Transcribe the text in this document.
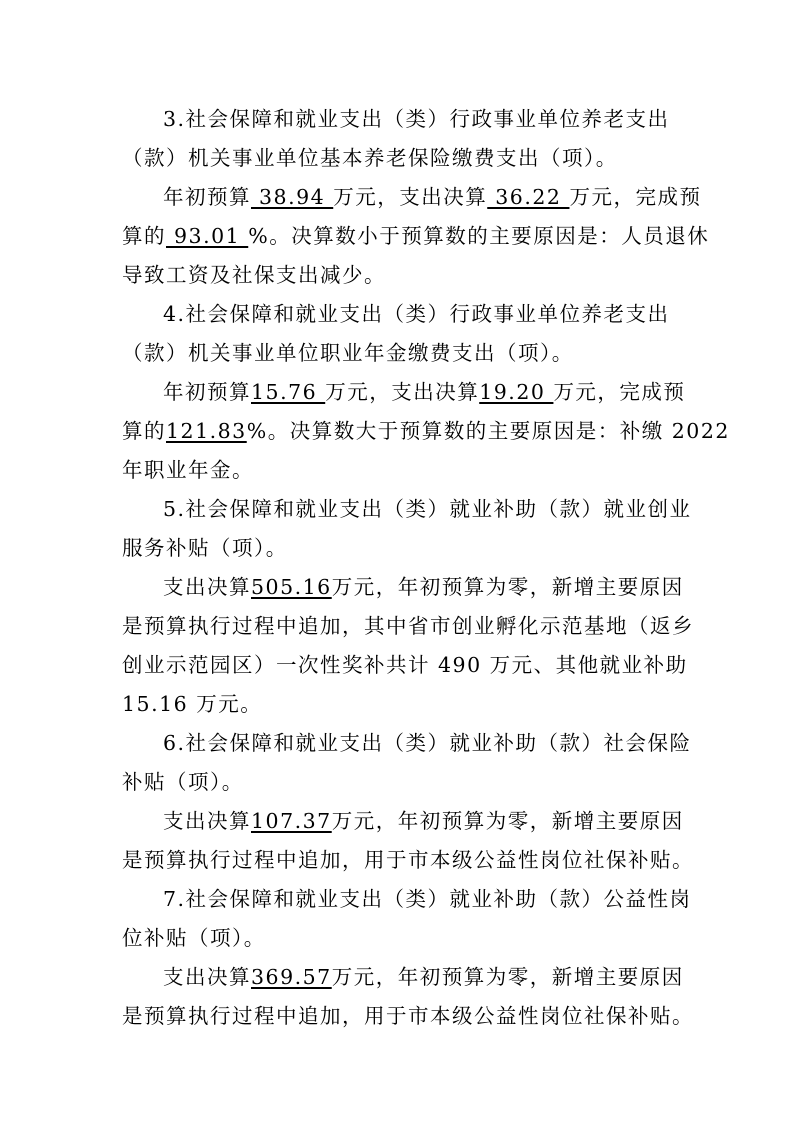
3.社会保障和就业支出（类）行政事业单位养老支出
（款）机关事业单位基本养老保险缴费支出（项）。
年初预算 38.94 万元，支出决算 36.22 万元，完成预
算的 93.01 %。决算数小于预算数的主要原因是：人员退休
导致工资及社保支出减少。
4.社会保障和就业支出（类）行政事业单位养老支出
（款）机关事业单位职业年金缴费支出（项）。
年初预算15.76 万元，支出决算19.20 万元，完成预
算的121.83%。决算数大于预算数的主要原因是：补缴 2022
年职业年金。
5.社会保障和就业支出（类）就业补助（款）就业创业
服务补贴（项）。
支出决算505.16万元，年初预算为零，新增主要原因
是预算执行过程中追加，其中省市创业孵化示范基地（返乡
创业示范园区）一次性奖补共计 490 万元、其他就业补助
15.16 万元。
6.社会保障和就业支出（类）就业补助（款）社会保险
补贴（项）。
支出决算107.37万元，年初预算为零，新增主要原因
是预算执行过程中追加，用于市本级公益性岗位社保补贴。
7.社会保障和就业支出（类）就业补助（款）公益性岗
位补贴（项）。
支出决算369.57万元，年初预算为零，新增主要原因
是预算执行过程中追加，用于市本级公益性岗位社保补贴。
